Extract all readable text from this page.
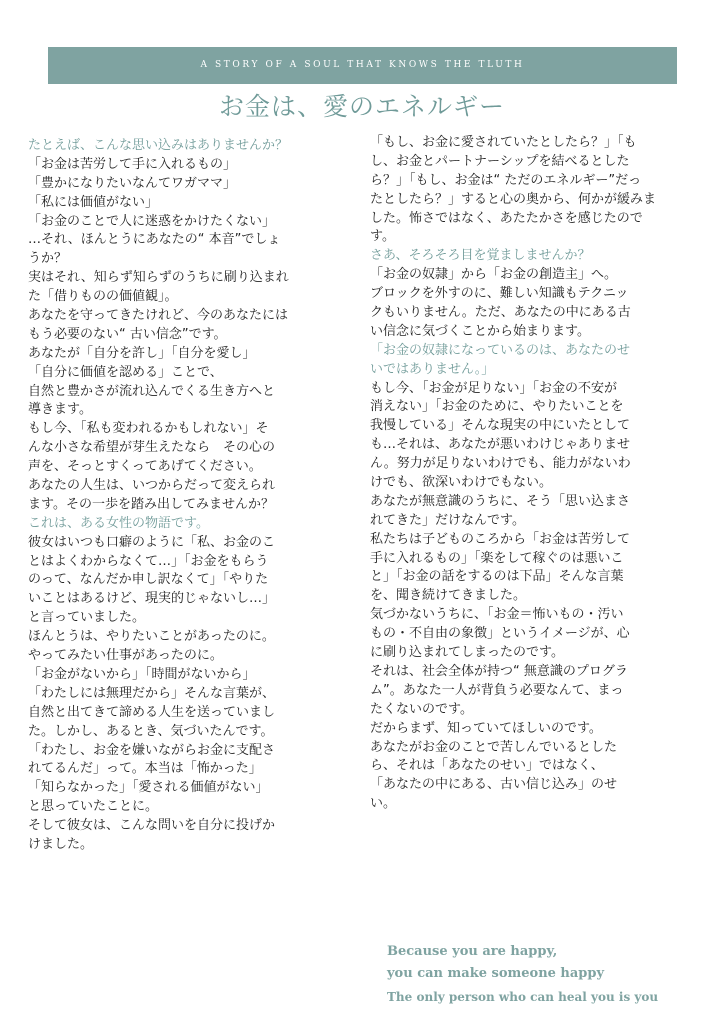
A STORY OF A SOUL THAT KNOWS THE TLUTH
お金は、愛のエネルギー
たとえば、こんな思い込みはありませんか？
「お金は苦労して手に入れるもの」
「豊かになりたいなんてワガママ」
「私には価値がない」
「お金のことで人に迷惑をかけたくない」
…それ、ほんとうにあなたの“ 本音”でしょ
うか？
実はそれ、知らず知らずのうちに刷り込まれ
た「借りものの価値観」。
あなたを守ってきたけれど、今のあなたには
もう必要のない“ 古い信念”です。
あなたが「自分を許し」「自分を愛し」
「自分に価値を認める」ことで、
自然と豊かさが流れ込んでくる生き方へと
導きます。
もし今、「私も変われるかもしれない」そ
んな小さな希望が芽生えたなら　その心の
声を、そっとすくってあげてください。
あなたの人生は、いつからだって変えられ
ます。その一歩を踏み出してみませんか？
これは、ある女性の物語です。
彼女はいつも口癖のように「私、お金のこ
とはよくわからなくて…」「お金をもらう
のって、なんだか申し訳なくて」「やりた
いことはあるけど、現実的じゃないし…」
と言っていました。
ほんとうは、やりたいことがあったのに。
やってみたい仕事があったのに。
「お金がないから」「時間がないから」
「わたしには無理だから」そんな言葉が、
自然と出てきて諦める人生を送っていまし
た。しかし、あるとき、気づいたんです。
「わたし、お金を嫌いながらお金に支配さ
れてるんだ」って。本当は「怖かった」
「知らなかった」「愛される価値がない」
と思っていたことに。
そして彼女は、こんな問いを自分に投げか
けました。
「もし、お金に愛されていたとしたら？」「も
し、お金とパートナーシップを結べるとした
ら？」「もし、お金は“ ただのエネルギー”だっ
たとしたら？」すると心の奥から、何かが緩みま
した。怖さではなく、あたたかさを感じたので
す。
さあ、そろそろ目を覚ましませんか？
「お金の奴隷」から「お金の創造主」へ。
ブロックを外すのに、難しい知識もテクニッ
クもいりません。ただ、あなたの中にある古
い信念に気づくことから始まります。
「お金の奴隷になっているのは、あなたのせ
いではありません。」
もし今、「お金が足りない」「お金の不安が
消えない」「お金のために、やりたいことを
我慢している」そんな現実の中にいたとして
も…それは、あなたが悪いわけじゃありませ
ん。努力が足りないわけでも、能力がないわ
けでも、欲深いわけでもない。
あなたが無意識のうちに、そう「思い込まさ
れてきた」だけなんです。
私たちは子どものころから「お金は苦労して
手に入れるもの」「楽をして稼ぐのは悪いこ
と」「お金の話をするのは下品」そんな言葉
を、聞き続けてきました。
気づかないうちに、「お金＝怖いもの・汚い
もの・不自由の象徴」というイメージが、心
に刷り込まれてしまったのです。
それは、社会全体が持つ“ 無意識のプログラ
ム”。あなた一人が背負う必要なんて、まっ
たくないのです。
だからまず、知っていてほしいのです。
あなたがお金のことで苦しんでいるとした
ら、それは「あなたのせい」ではなく、
「あなたの中にある、古い信じ込み」のせ
い。
Because you are happy,
you can make someone happy
The only person who can heal you is you
